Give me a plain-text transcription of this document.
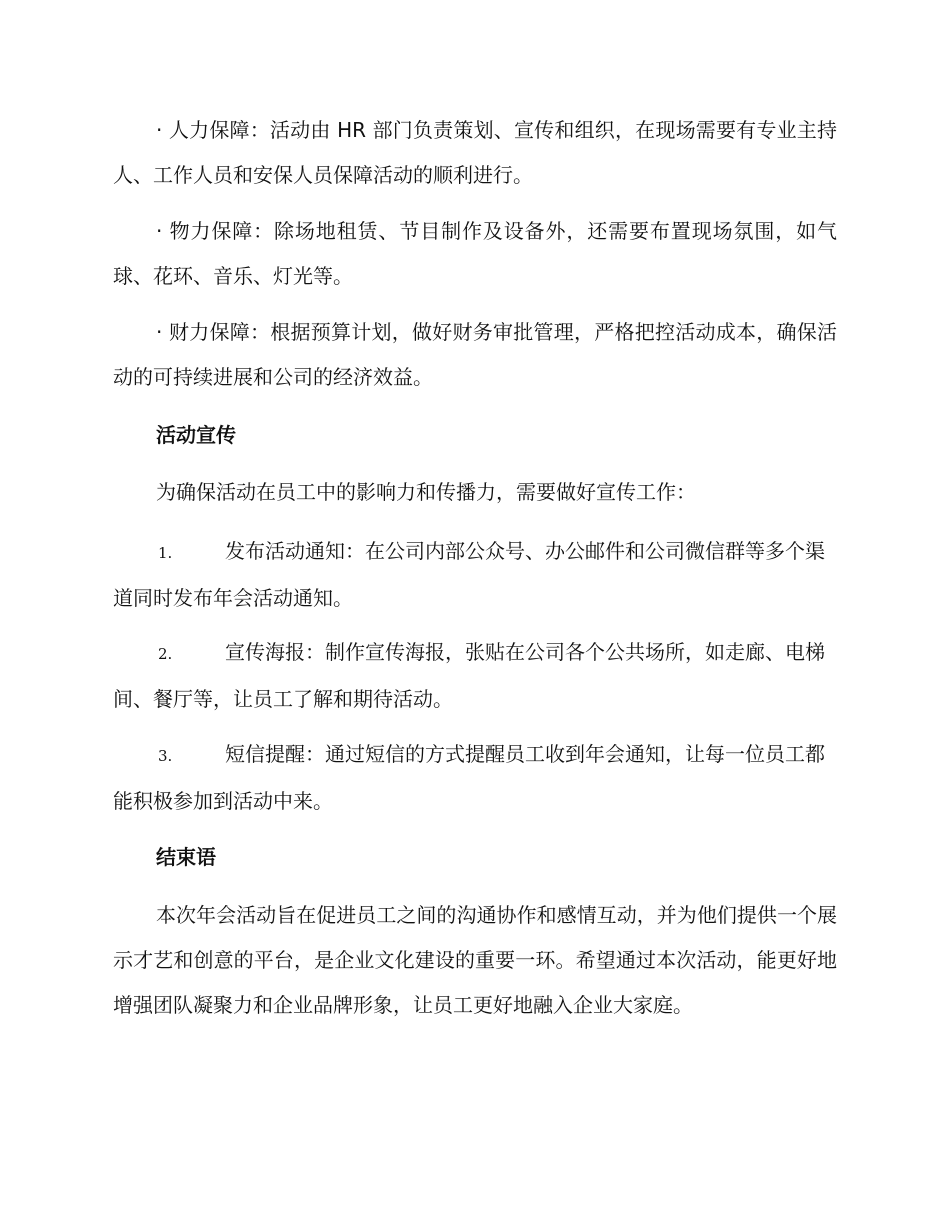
· 人力保障：活动由 HR 部门负责策划、宣传和组织，在现场需要有专业主持人、工作人员和安保人员保障活动的顺利进行。

· 物力保障：除场地租赁、节目制作及设备外，还需要布置现场氛围，如气球、花环、音乐、灯光等。

· 财力保障：根据预算计划，做好财务审批管理，严格把控活动成本，确保活动的可持续进展和公司的经济效益。

活动宣传

为确保活动在员工中的影响力和传播力，需要做好宣传工作：

1.	发布活动通知：在公司内部公众号、办公邮件和公司微信群等多个渠道同时发布年会活动通知。

2.	宣传海报：制作宣传海报，张贴在公司各个公共场所，如走廊、电梯间、餐厅等，让员工了解和期待活动。

3.	短信提醒：通过短信的方式提醒员工收到年会通知，让每一位员工都能积极参加到活动中来。

结束语

本次年会活动旨在促进员工之间的沟通协作和感情互动，并为他们提供一个展示才艺和创意的平台，是企业文化建设的重要一环。希望通过本次活动，能更好地增强团队凝聚力和企业品牌形象，让员工更好地融入企业大家庭。
